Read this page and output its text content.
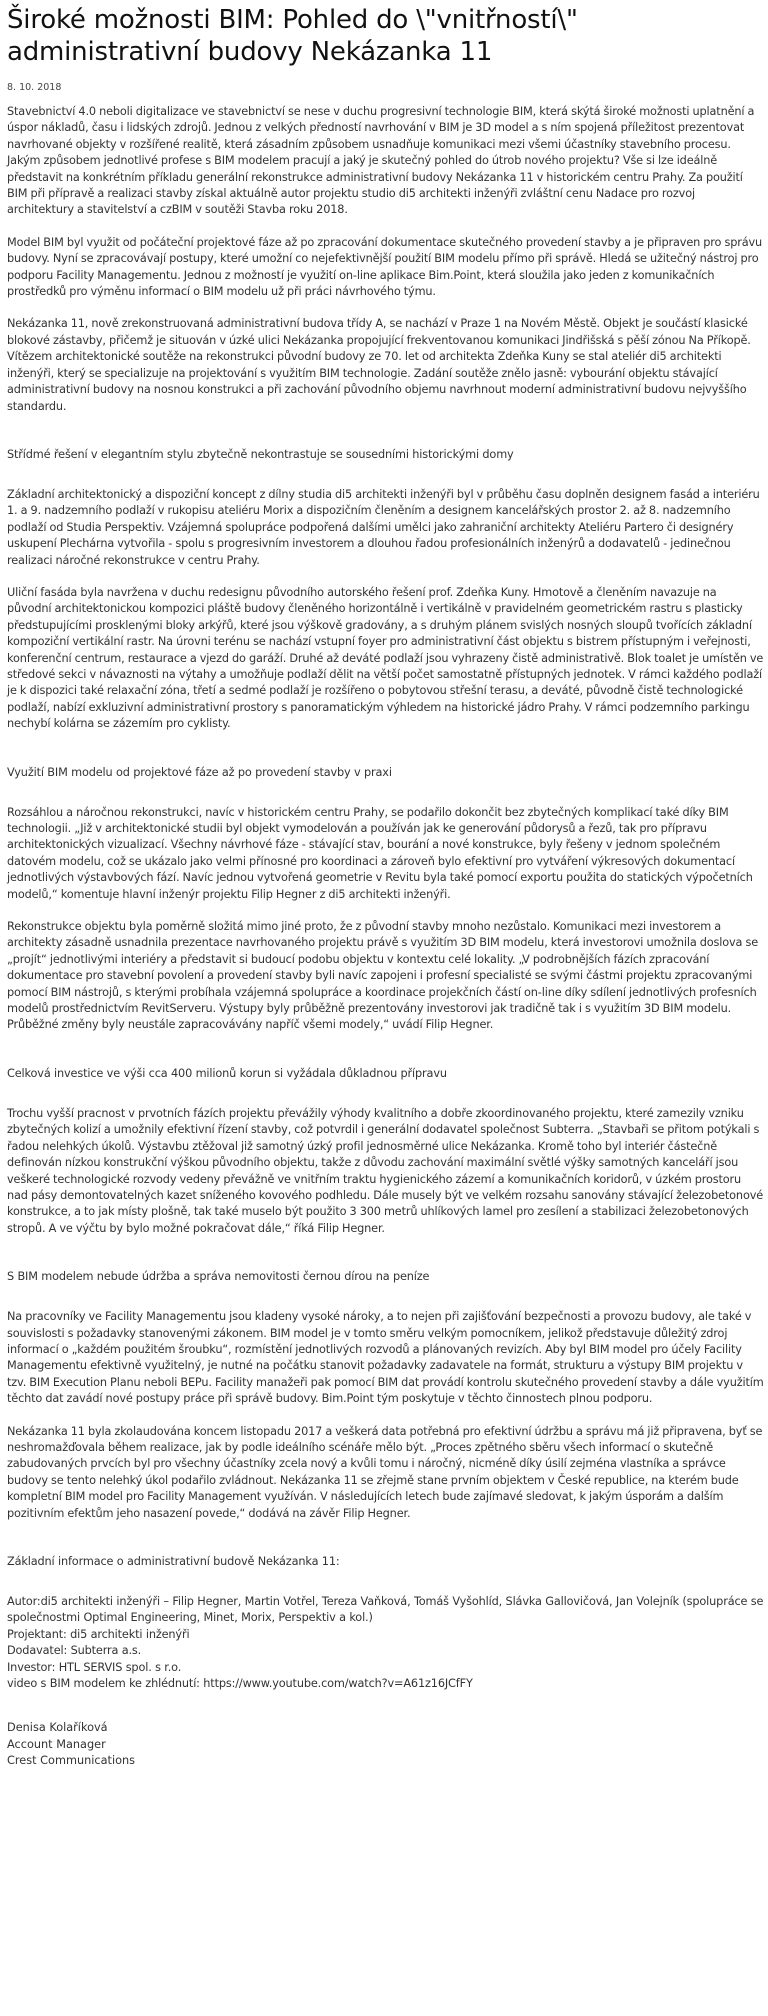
Široké možnosti BIM: Pohled do \"vnitřností\" administrativní budovy Nekázanka 11
8. 10. 2018

Stavebnictví 4.0 neboli digitalizace ve stavebnictví se nese v duchu progresivní technologie BIM, která skýtá široké možnosti uplatnění a úspor nákladů, času i lidských zdrojů. Jednou z velkých předností navrhování v BIM je 3D model a s ním spojená příležitost prezentovat navrhované objekty v rozšířené realitě, která zásadním způsobem usnadňuje komunikaci mezi všemi účastníky stavebního procesu. Jakým způsobem jednotlivé profese s BIM modelem pracují a jaký je skutečný pohled do útrob nového projektu? Vše si lze ideálně představit na konkrétním příkladu generální rekonstrukce administrativní budovy Nekázanka 11 v historickém centru Prahy. Za použití BIM při přípravě a realizaci stavby získal aktuálně autor projektu studio di5 architekti inženýři zvláštní cenu Nadace pro rozvoj architektury a stavitelství a czBIM v soutěži Stavba roku 2018.

Model BIM byl využit od počáteční projektové fáze až po zpracování dokumentace skutečného provedení stavby a je připraven pro správu budovy. Nyní se zpracovávají postupy, které umožní co nejefektivnější použití BIM modelu přímo při správě. Hledá se užitečný nástroj pro podporu Facility Managementu. Jednou z možností je využití on-line aplikace Bim.Point, která sloužila jako jeden z komunikačních prostředků pro výměnu informací o BIM modelu už při práci návrhového týmu.

Nekázanka 11, nově zrekonstruovaná administrativní budova třídy A, se nachází v Praze 1 na Novém Městě. Objekt je součástí klasické blokové zástavby, přičemž je situován v úzké ulici Nekázanka propojující frekventovanou komunikaci Jindřišská s pěší zónou Na Příkopě. Vítězem architektonické soutěže na rekonstrukci původní budovy ze 70. let od architekta Zdeňka Kuny se stal ateliér di5 architekti inženýři, který se specializuje na projektování s využitím BIM technologie. Zadání soutěže znělo jasně: vybourání objektu stávající administrativní budovy na nosnou konstrukci a při zachování původního objemu navrhnout moderní administrativní budovu nejvyššího standardu.

Střídmé řešení v elegantním stylu zbytečně nekontrastuje se sousedními historickými domy

Základní architektonický a dispoziční koncept z dílny studia di5 architekti inženýři byl v průběhu času doplněn designem fasád a interiéru 1. a 9. nadzemního podlaží v rukopisu ateliéru Morix a dispozičním členěním a designem kancelářských prostor 2. až 8. nadzemního podlaží od Studia Perspektiv. Vzájemná spolupráce podpořená dalšími umělci jako zahraniční architekty Ateliéru Partero či designéry uskupení Plechárna vytvořila - spolu s progresivním investorem a dlouhou řadou profesionálních inženýrů a dodavatelů - jedinečnou realizaci náročné rekonstrukce v centru Prahy.

Uliční fasáda byla navržena v duchu redesignu původního autorského řešení prof. Zdeňka Kuny. Hmotově a členěním navazuje na původní architektonickou kompozici pláště budovy členěného horizontálně i vertikálně v pravidelném geometrickém rastru s plasticky předstupujícími prosklenými bloky arkýřů, které jsou výškově gradovány, a s druhým plánem svislých nosných sloupů tvořících základní kompoziční vertikální rastr. Na úrovni terénu se nachází vstupní foyer pro administrativní část objektu s bistrem přístupným i veřejnosti, konferenční centrum, restaurace a vjezd do garáží. Druhé až deváté podlaží jsou vyhrazeny čistě administrativě. Blok toalet je umístěn ve středové sekci v návaznosti na výtahy a umožňuje podlaží dělit na větší počet samostatně přístupných jednotek. V rámci každého podlaží je k dispozici také relaxační zóna, třetí a sedmé podlaží je rozšířeno o pobytovou střešní terasu, a deváté, původně čistě technologické podlaží, nabízí exkluzivní administrativní prostory s panoramatickým výhledem na historické jádro Prahy. V rámci podzemního parkingu nechybí kolárna se zázemím pro cyklisty.

Využití BIM modelu od projektové fáze až po provedení stavby v praxi

Rozsáhlou a náročnou rekonstrukci, navíc v historickém centru Prahy, se podařilo dokončit bez zbytečných komplikací také díky BIM technologii. „Již v architektonické studii byl objekt vymodelován a používán jak ke generování půdorysů a řezů, tak pro přípravu architektonických vizualizací. Všechny návrhové fáze - stávající stav, bourání a nové konstrukce, byly řešeny v jednom společném datovém modelu, což se ukázalo jako velmi přínosné pro koordinaci a zároveň bylo efektivní pro vytváření výkresových dokumentací jednotlivých výstavbových fází. Navíc jednou vytvořená geometrie v Revitu byla také pomocí exportu použita do statických výpočetních modelů,“ komentuje hlavní inženýr projektu Filip Hegner z di5 architekti inženýři.

Rekonstrukce objektu byla poměrně složitá mimo jiné proto, že z původní stavby mnoho nezůstalo. Komunikaci mezi investorem a architekty zásadně usnadnila prezentace navrhovaného projektu právě s využitím 3D BIM modelu, která investorovi umožnila doslova se „projít“ jednotlivými interiéry a představit si budoucí podobu objektu v kontextu celé lokality. „V podrobnějších fázích zpracování dokumentace pro stavební povolení a provedení stavby byli navíc zapojeni i profesní specialisté se svými částmi projektu zpracovanými pomocí BIM nástrojů, s kterými probíhala vzájemná spolupráce a koordinace projekčních částí on-line díky sdílení jednotlivých profesních modelů prostřednictvím RevitServeru. Výstupy byly průběžně prezentovány investorovi jak tradičně tak i s využitím 3D BIM modelu. Průběžné změny byly neustále zapracovávány napříč všemi modely,“ uvádí Filip Hegner.

Celková investice ve výši cca 400 milionů korun si vyžádala důkladnou přípravu

Trochu vyšší pracnost v prvotních fázích projektu převážily výhody kvalitního a dobře zkoordinovaného projektu, které zamezily vzniku zbytečných kolizí a umožnily efektivní řízení stavby, což potvrdil i generální dodavatel společnost Subterra. „Stavbaři se přitom potýkali s řadou nelehkých úkolů. Výstavbu ztěžoval již samotný úzký profil jednosměrné ulice Nekázanka. Kromě toho byl interiér částečně definován nízkou konstrukční výškou původního objektu, takže z důvodu zachování maximální světlé výšky samotných kanceláří jsou veškeré technologické rozvody vedeny převážně ve vnitřním traktu hygienického zázemí a komunikačních koridorů, v úzkém prostoru nad pásy demontovatelných kazet sníženého kovového podhledu. Dále musely být ve velkém rozsahu sanovány stávající železobetonové konstrukce, a to jak místy plošně, tak také muselo být použito 3 300 metrů uhlíkových lamel pro zesílení a stabilizaci železobetonových stropů. A ve výčtu by bylo možné pokračovat dále,“ říká Filip Hegner.

S BIM modelem nebude údržba a správa nemovitosti černou dírou na peníze

Na pracovníky ve Facility Managementu jsou kladeny vysoké nároky, a to nejen při zajišťování bezpečnosti a provozu budovy, ale také v souvislosti s požadavky stanovenými zákonem. BIM model je v tomto směru velkým pomocníkem, jelikož představuje důležitý zdroj informací o „každém použitém šroubku“, rozmístění jednotlivých rozvodů a plánovaných revizích. Aby byl BIM model pro účely Facility Managementu efektivně využitelný, je nutné na počátku stanovit požadavky zadavatele na formát, strukturu a výstupy BIM projektu v tzv. BIM Execution Planu neboli BEPu. Facility manažeři pak pomocí BIM dat provádí kontrolu skutečného provedení stavby a dále využitím těchto dat zavádí nové postupy práce při správě budovy. Bim.Point tým poskytuje v těchto činnostech plnou podporu.

Nekázanka 11 byla zkolaudována koncem listopadu 2017 a veškerá data potřebná pro efektivní údržbu a správu má již připravena, byť se neshromažďovala během realizace, jak by podle ideálního scénáře mělo být. „Proces zpětného sběru všech informací o skutečně zabudovaných prvcích byl pro všechny účastníky zcela nový a kvůli tomu i náročný, nicméně díky úsilí zejména vlastníka a správce budovy se tento nelehký úkol podařilo zvládnout. Nekázanka 11 se zřejmě stane prvním objektem v České republice, na kterém bude kompletní BIM model pro Facility Management využíván. V následujících letech bude zajímavé sledovat, k jakým úsporám a dalším pozitivním efektům jeho nasazení povede,“ dodává na závěr Filip Hegner.

Základní informace o administrativní budově Nekázanka 11:

Autor:di5 architekti inženýři – Filip Hegner, Martin Votřel, Tereza Vaňková, Tomáš Vyšohlíd, Slávka Gallovičová, Jan Volejník (spolupráce se společnostmi Optimal Engineering, Minet, Morix, Perspektiv a kol.)
Projektant: di5 architekti inženýři
Dodavatel: Subterra a.s.
Investor: HTL SERVIS spol. s r.o.
video s BIM modelem ke zhlédnutí: https://www.youtube.com/watch?v=A61z16JCfFY
Denisa Kolaříková
Account Manager
Crest Communications
